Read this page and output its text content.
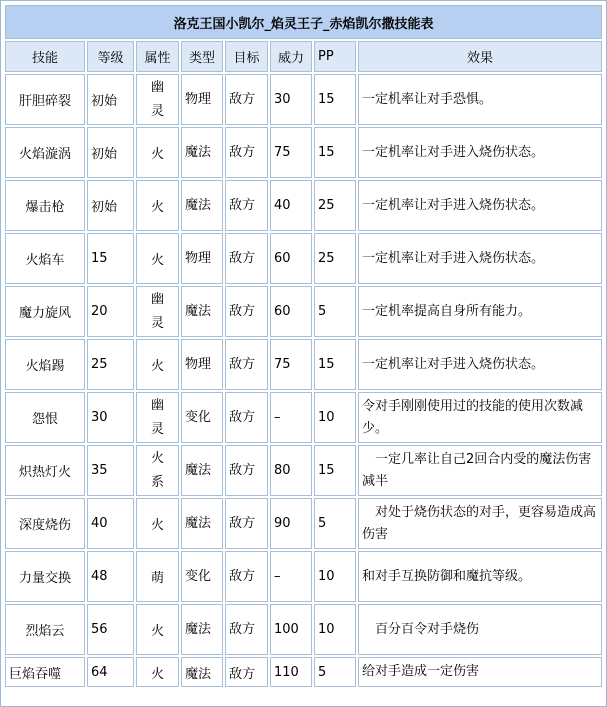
洛克王国小凯尔_焰灵王子_赤焰凯尔撒技能表							
技能	等级	属性	类型	目标	威力	PP	效果
肝胆碎裂	初始	幽灵	物理	敌方	30	15	一定机率让对手恐惧。
火焰漩涡	初始	火	魔法	敌方	75	15	一定机率让对手进入烧伤状态。
爆击枪	初始	火	魔法	敌方	40	25	一定机率让对手进入烧伤状态。
火焰车	15	火	物理	敌方	60	25	一定机率让对手进入烧伤状态。
魔力旋风	20	幽灵	魔法	敌方	60	5	一定机率提高自身所有能力。
火焰踢	25	火	物理	敌方	75	15	一定机率让对手进入烧伤状态。
怨恨	30	幽灵	变化	敌方	–	10	令对手刚刚使用过的技能的使用次数减少。
炽热灯火	35	火系	魔法	敌方	80	15	　一定几率让自己2回合内受的魔法伤害减半
深度烧伤	40	火	魔法	敌方	90	5	　对处于烧伤状态的对手，更容易造成高伤害
力量交换	48	萌	变化	敌方	–	10	和对手互换防御和魔抗等级。
烈焰云	56	火	魔法	敌方	100	10	　百分百令对手烧伤
巨焰吞噬	64	火	魔法	敌方	110	5	给对手造成一定伤害
